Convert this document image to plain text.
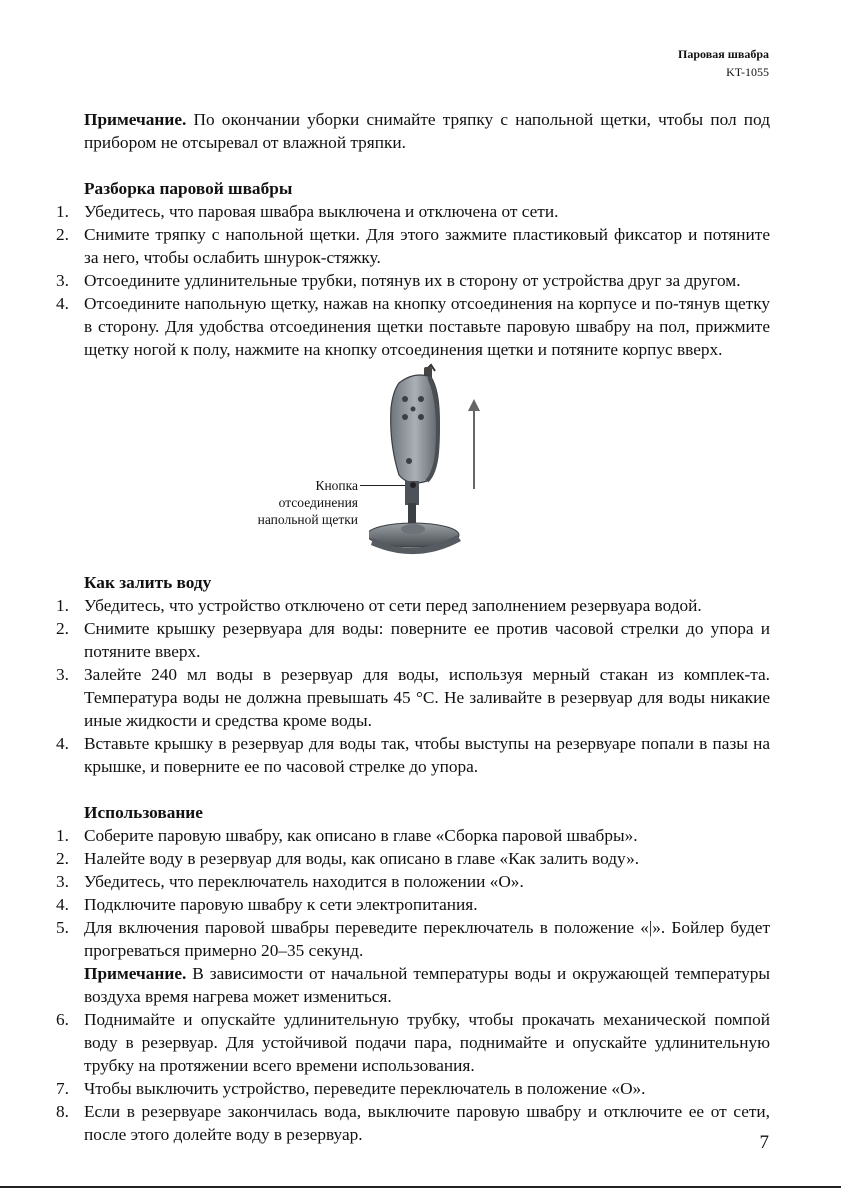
Паровая швабра
KT-1055

Примечание. По окончании уборки снимайте тряпку с напольной щетки, чтобы пол под прибором не отсыревал от влажной тряпки.

Разборка паровой швабры
1. Убедитесь, что паровая швабра выключена и отключена от сети.
2. Снимите тряпку с напольной щетки. Для этого зажмите пластиковый фиксатор и потяните за него, чтобы ослабить шнурок-стяжку.
3. Отсоедините удлинительные трубки, потянув их в сторону от устройства друг за другом.
4. Отсоедините напольную щетку, нажав на кнопку отсоединения на корпусе и по-тянув щетку в сторону. Для удобства отсоединения щетки поставьте паровую швабру на пол, прижмите щетку ногой к полу, нажмите на кнопку отсоединения щетки и потяните корпус вверх.
Кнопка
отсоединения
напольной щетки
Как залить воду
1. Убедитесь, что устройство отключено от сети перед заполнением резервуара водой.
2. Снимите крышку резервуара для воды: поверните ее против часовой стрелки до упора и потяните вверх.
3. Залейте 240 мл воды в резервуар для воды, используя мерный стакан из комплек-та. Температура воды не должна превышать 45 °C. Не заливайте в резервуар для воды никакие иные жидкости и средства кроме воды.
4. Вставьте крышку в резервуар для воды так, чтобы выступы на резервуаре попали в пазы на крышке, и поверните ее по часовой стрелке до упора.
Использование
1. Соберите паровую швабру, как описано в главе «Сборка паровой швабры».
2. Налейте воду в резервуар для воды, как описано в главе «Как залить воду».
3. Убедитесь, что переключатель находится в положении «O».
4. Подключите паровую швабру к сети электропитания.
5. Для включения паровой швабры переведите переключатель в положение «|». Бойлер будет прогреваться примерно 20–35 секунд.
Примечание. В зависимости от начальной температуры воды и окружающей температуры воздуха время нагрева может измениться.
6. Поднимайте и опускайте удлинительную трубку, чтобы прокачать механической помпой воду в резервуар. Для устойчивой подачи пара, поднимайте и опускайте удлинительную трубку на протяжении всего времени использования.
7. Чтобы выключить устройство, переведите переключатель в положение «O».
8. Если в резервуаре закончилась вода, выключите паровую швабру и отключите ее от сети, после этого долейте воду в резервуар.	7
